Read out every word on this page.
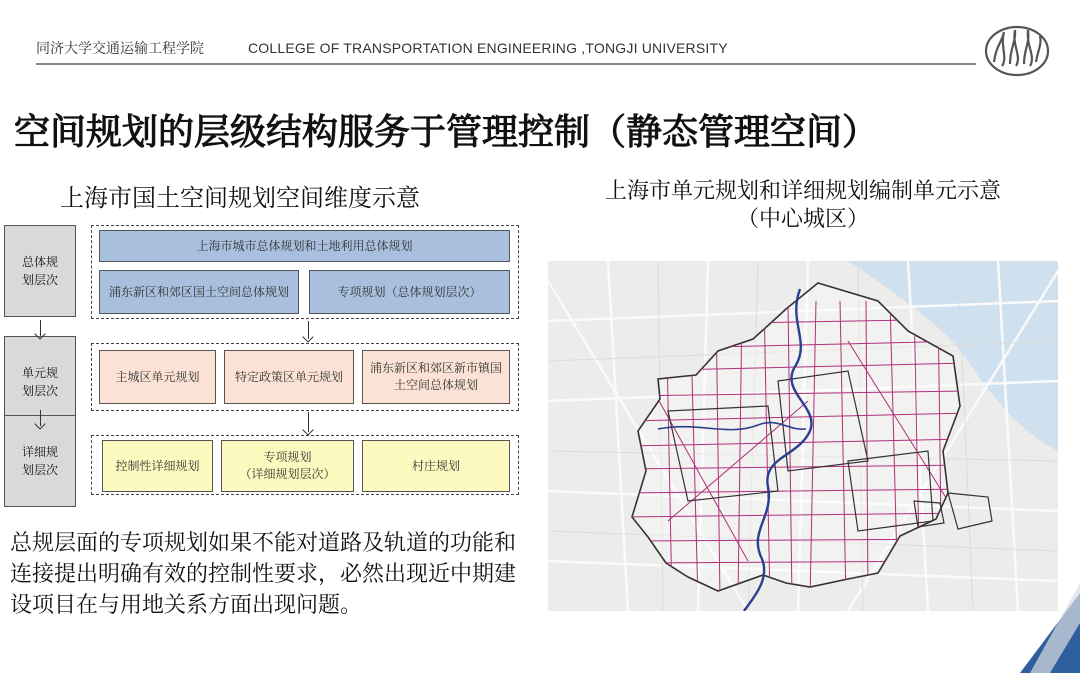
同济大学交通运输工程学院	COLLEGE OF TRANSPORTATION ENGINEERING ,TONGJI UNIVERSITY
空间规划的层级结构服务于管理控制（静态管理空间）
上海市国土空间规划空间维度示意
总体规划层次
单元规划层次
详细规划层次
上海市城市总体规划和土地利用总体规划
浦东新区和郊区国土空间总体规划	专项规划（总体规划层次）
主城区单元规划	特定政策区单元规划
浦东新区和郊区新市镇国土空间总体规划
控制性详细规划
专项规划
（详细规划层次）
村庄规划
总规层面的专项规划如果不能对道路及轨道的功能和连接提出明确有效的控制性要求，必然出现近中期建设项目在与用地关系方面出现问题。
上海市单元规划和详细规划编制单元示意
（中心城区）
